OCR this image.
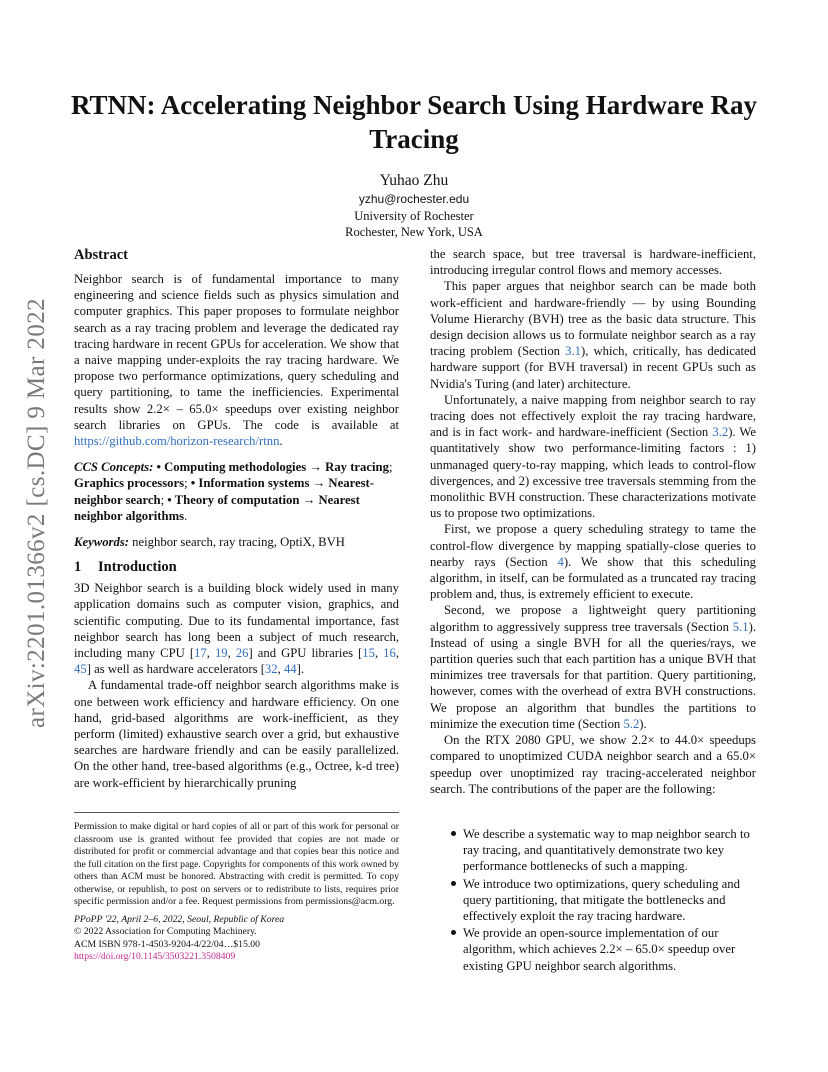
RTNN: Accelerating Neighbor Search Using Hardware Ray Tracing
Yuhao Zhu
yzhu@rochester.edu
University of Rochester
Rochester, New York, USA
arXiv:2201.01366v2 [cs.DC] 9 Mar 2022
Abstract

Neighbor search is of fundamental importance to many engineering and science fields such as physics simulation and computer graphics. This paper proposes to formulate neighbor search as a ray tracing problem and leverage the dedicated ray tracing hardware in recent GPUs for acceleration. We show that a naive mapping under-exploits the ray tracing hardware. We propose two performance optimizations, query scheduling and query partitioning, to tame the inefficiencies. Experimental results show 2.2× – 65.0× speedups over existing neighbor search libraries on GPUs. The code is available at https://github.com/horizon-research/rtnn.

CCS Concepts: • Computing methodologies → Ray tracing; Graphics processors; • Information systems → Nearest-neighbor search; • Theory of computation → Nearest neighbor algorithms.

Keywords: neighbor search, ray tracing, OptiX, BVH

1 Introduction

3D Neighbor search is a building block widely used in many application domains such as computer vision, graphics, and scientific computing. Due to its fundamental importance, fast neighbor search has long been a subject of much research, including many CPU [17, 19, 26] and GPU libraries [15, 16, 45] as well as hardware accelerators [32, 44].

A fundamental trade-off neighbor search algorithms make is one between work efficiency and hardware efficiency. On one hand, grid-based algorithms are work-inefficient, as they perform (limited) exhaustive search over a grid, but exhaustive searches are hardware friendly and can be easily parallelized. On the other hand, tree-based algorithms (e.g., Octree, k-d tree) are work-efficient by hierarchically pruning

Permission to make digital or hard copies of all or part of this work for personal or classroom use is granted without fee provided that copies are not made or distributed for profit or commercial advantage and that copies bear this notice and the full citation on the first page. Copyrights for components of this work owned by others than ACM must be honored. Abstracting with credit is permitted. To copy otherwise, or republish, to post on servers or to redistribute to lists, requires prior specific permission and/or a fee. Request permissions from permissions@acm.org.

PPoPP '22, April 2–6, 2022, Seoul, Republic of Korea

© 2022 Association for Computing Machinery.

ACM ISBN 978-1-4503-9204-4/22/04…$15.00

https://doi.org/10.1145/3503221.3508409

the search space, but tree traversal is hardware-inefficient, introducing irregular control flows and memory accesses.

This paper argues that neighbor search can be made both work-efficient and hardware-friendly — by using Bounding Volume Hierarchy (BVH) tree as the basic data structure. This design decision allows us to formulate neighbor search as a ray tracing problem (Section 3.1), which, critically, has dedicated hardware support (for BVH traversal) in recent GPUs such as Nvidia's Turing (and later) architecture.

Unfortunately, a naive mapping from neighbor search to ray tracing does not effectively exploit the ray tracing hardware, and is in fact work- and hardware-inefficient (Section 3.2). We quantitatively show two performance-limiting factors : 1) unmanaged query-to-ray mapping, which leads to control-flow divergences, and 2) excessive tree traversals stemming from the monolithic BVH construction. These characterizations motivate us to propose two optimizations.

First, we propose a query scheduling strategy to tame the control-flow divergence by mapping spatially-close queries to nearby rays (Section 4). We show that this scheduling algorithm, in itself, can be formulated as a truncated ray tracing problem and, thus, is extremely efficient to execute.

Second, we propose a lightweight query partitioning algorithm to aggressively suppress tree traversals (Section 5.1). Instead of using a single BVH for all the queries/rays, we partition queries such that each partition has a unique BVH that minimizes tree traversals for that partition. Query partitioning, however, comes with the overhead of extra BVH constructions. We propose an algorithm that bundles the partitions to minimize the execution time (Section 5.2).

On the RTX 2080 GPU, we show 2.2× to 44.0× speedups compared to unoptimized CUDA neighbor search and a 65.0× speedup over unoptimized ray tracing-accelerated neighbor search. The contributions of the paper are the following:

We describe a systematic way to map neighbor search to ray tracing, and quantitatively demonstrate two key performance bottlenecks of such a mapping.
We introduce two optimizations, query scheduling and query partitioning, that mitigate the bottlenecks and effectively exploit the ray tracing hardware.
We provide an open-source implementation of our algorithm, which achieves 2.2× – 65.0× speedup over existing GPU neighbor search algorithms.
